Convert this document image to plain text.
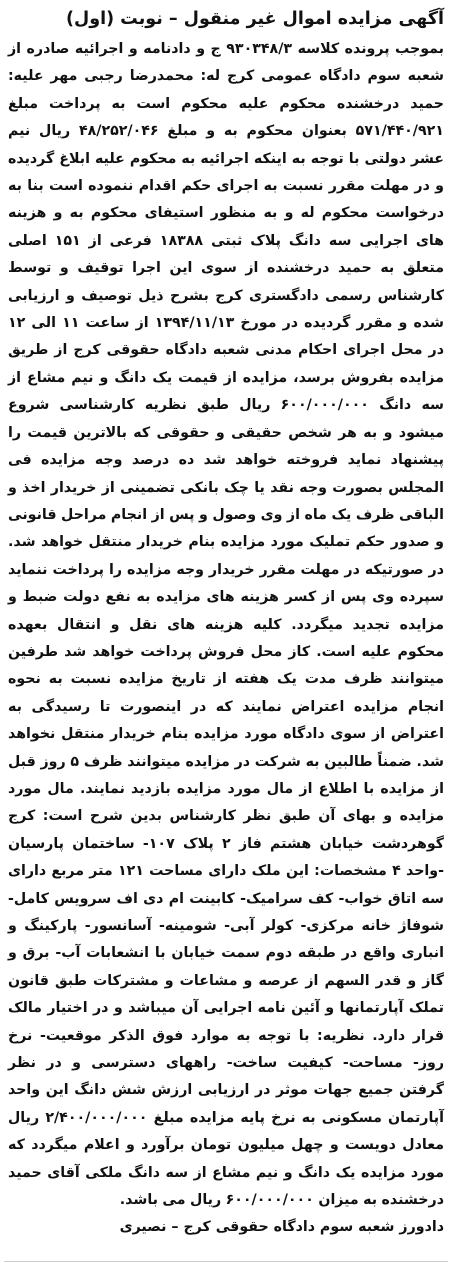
آگهی مزایده اموال غیر منقول – نوبت (اول)

بموجب پرونده کلاسه ۹۳۰۳۴۸/۳ ج و دادنامه و اجرائیه صادره از شعبه سوم دادگاه عمومی کرج له: محمدرضا رجبی مهر علیه: حمید درخشنده محکوم علیه محکوم است به پرداخت مبلغ ۵۷۱/۴۴۰/۹۲۱ بعنوان محکوم به و مبلغ ۴۸/۲۵۲/۰۴۶ ریال نیم عشر دولتی با توجه به اینکه اجرائیه به محکوم علیه ابلاغ گردیده و در مهلت مقرر نسبت به اجرای حکم اقدام ننموده است بنا به درخواست محکوم له و به منظور استیفای محکوم به و هزینه های اجرایی سه دانگ پلاک ثبتی ۱۸۳۸۸ فرعی از ۱۵۱ اصلی متعلق به حمید درخشنده از سوی این اجرا توقیف و توسط کارشناس رسمی دادگستری کرج بشرح ذیل توصیف و ارزیابی شده و مقرر گردیده در مورخ ۱۳۹۴/۱۱/۱۳ از ساعت ۱۱ الی ۱۲ در محل اجرای احکام مدنی شعبه دادگاه حقوقی کرج از طریق مزایده بفروش برسد، مزایده از قیمت یک دانگ و نیم مشاع از سه دانگ ۶۰۰/۰۰۰/۰۰۰ ریال طبق نظریه کارشناسی شروع میشود و به هر شخص حقیقی و حقوقی که بالاترین قیمت را پیشنهاد نماید فروخته خواهد شد ده درصد وجه مزایده فی المجلس بصورت وجه نقد یا چک بانکی تضمینی از خریدار اخذ و الباقی ظرف یک ماه از وی وصول و پس از انجام مراحل قانونی و صدور حکم تملیک مورد مزایده بنام خریدار منتقل خواهد شد. در صورتیکه در مهلت مقرر خریدار وجه مزایده را پرداخت ننماید سپرده وی پس از کسر هزینه های مزایده به نفع دولت ضبط و مزایده تجدید میگردد. کلیه هزینه های نقل و انتقال بعهده محکوم علیه است. کاز محل فروش پرداخت خواهد شد طرفین میتوانند ظرف مدت یک هفته از تاریخ مزایده نسبت به نحوه انجام مزایده اعتراض نمایند که در اینصورت تا رسیدگی به اعتراض از سوی دادگاه مورد مزایده بنام خریدار منتقل نخواهد شد. ضمناً طالبین به شرکت در مزایده میتوانند ظرف ۵ روز قبل از مزایده با اطلاع از مال مورد مزایده بازدید نمایند. مال مورد مزایده و بهای آن طبق نظر کارشناس بدین شرح است: کرج گوهردشت خیابان هشتم فاز ۲ پلاک ۱۰۷- ساختمان پارسیان -واحد ۴ مشخصات: این ملک دارای مساحت ۱۲۱ متر مربع دارای سه اتاق خواب- کف سرامیک- کابینت ام دی اف سرویس کامل- شوفاژ خانه مرکزی- کولر آبی- شومینه- آسانسور- پارکینگ و انباری واقع در طبقه دوم سمت خیابان با انشعابات آب- برق و گاز و قدر السهم از عرصه و مشاعات و مشترکات طبق قانون تملک آپارتمانها و آئین نامه اجرایی آن میباشد و در اختیار مالک قرار دارد. نظریه: با توجه به موارد فوق الذکر موقعیت- نرخ روز- مساحت- کیفیت ساخت- راههای دسترسی و در نظر گرفتن جمیع جهات موثر در ارزیابی ارزش شش دانگ این واحد آپارتمان مسکونی به نرخ پایه مزایده مبلغ ۲/۴۰۰/۰۰۰/۰۰۰ ریال معادل دویست و چهل میلیون تومان برآورد و اعلام میگردد که مورد مزایده یک دانگ و نیم مشاع از سه دانگ ملکی آقای حمید درخشنده به میزان ۶۰۰/۰۰۰/۰۰۰ ریال می باشد.

دادورز شعبه سوم دادگاه حقوقی کرج – نصیری
